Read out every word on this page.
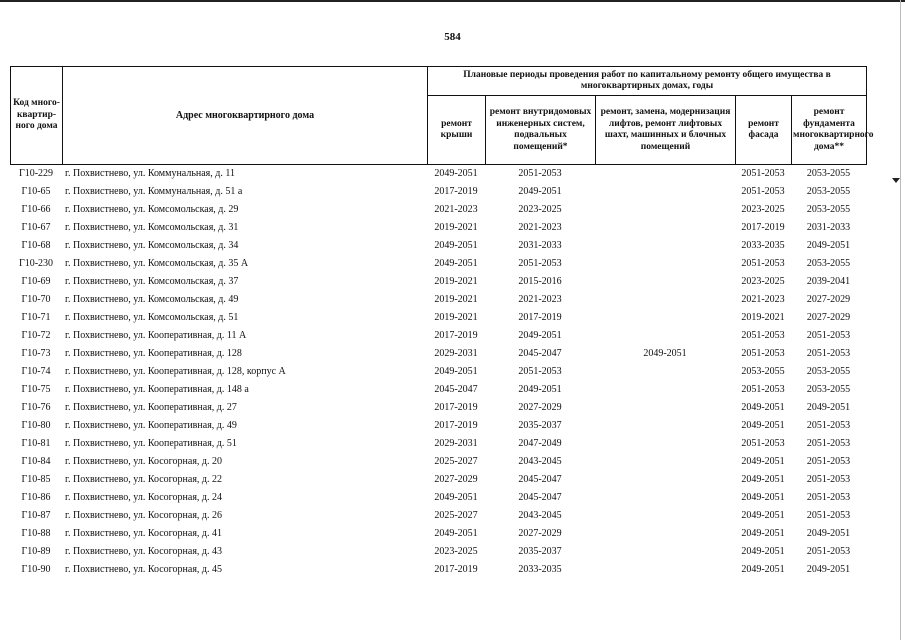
584
Код много-квартир-ного дома	Адрес многоквартирного дома	Плановые периоды проведения работ по капитальному ремонту общего имущества в многоквартирных домах, годы				
		ремонт крыши	ремонт внутридомовых инженерных систем, подвальных помещений*	ремонт, замена, модернизация лифтов, ремонт лифтовых шахт, машинных и блочных помещений	ремонт фасада	ремонт фундамента многоквартирного дома**
Г10-229	г. Похвистнево, ул. Коммунальная, д. 11	2049-2051	2051-2053		2051-2053	2053-2055
Г10-65	г. Похвистнево, ул. Коммунальная, д. 51 а	2017-2019	2049-2051		2051-2053	2053-2055
Г10-66	г. Похвистнево, ул. Комсомольская, д. 29	2021-2023	2023-2025		2023-2025	2053-2055
Г10-67	г. Похвистнево, ул. Комсомольская, д. 31	2019-2021	2021-2023		2017-2019	2031-2033
Г10-68	г. Похвистнево, ул. Комсомольская, д. 34	2049-2051	2031-2033		2033-2035	2049-2051
Г10-230	г. Похвистнево, ул. Комсомольская, д. 35 А	2049-2051	2051-2053		2051-2053	2053-2055
Г10-69	г. Похвистнево, ул. Комсомольская, д. 37	2019-2021	2015-2016		2023-2025	2039-2041
Г10-70	г. Похвистнево, ул. Комсомольская, д. 49	2019-2021	2021-2023		2021-2023	2027-2029
Г10-71	г. Похвистнево, ул. Комсомольская, д. 51	2019-2021	2017-2019		2019-2021	2027-2029
Г10-72	г. Похвистнево, ул. Кооперативная, д. 11 А	2017-2019	2049-2051		2051-2053	2051-2053
Г10-73	г. Похвистнево, ул. Кооперативная, д. 128	2029-2031	2045-2047	2049-2051	2051-2053	2051-2053
Г10-74	г. Похвистнево, ул. Кооперативная, д. 128, корпус А	2049-2051	2051-2053		2053-2055	2053-2055
Г10-75	г. Похвистнево, ул. Кооперативная, д. 148 а	2045-2047	2049-2051		2051-2053	2053-2055
Г10-76	г. Похвистнево, ул. Кооперативная, д. 27	2017-2019	2027-2029		2049-2051	2049-2051
Г10-80	г. Похвистнево, ул. Кооперативная, д. 49	2017-2019	2035-2037		2049-2051	2051-2053
Г10-81	г. Похвистнево, ул. Кооперативная, д. 51	2029-2031	2047-2049		2051-2053	2051-2053
Г10-84	г. Похвистнево, ул. Косогорная, д. 20	2025-2027	2043-2045		2049-2051	2051-2053
Г10-85	г. Похвистнево, ул. Косогорная, д. 22	2027-2029	2045-2047		2049-2051	2051-2053
Г10-86	г. Похвистнево, ул. Косогорная, д. 24	2049-2051	2045-2047		2049-2051	2051-2053
Г10-87	г. Похвистнево, ул. Косогорная, д. 26	2025-2027	2043-2045		2049-2051	2051-2053
Г10-88	г. Похвистнево, ул. Косогорная, д. 41	2049-2051	2027-2029		2049-2051	2049-2051
Г10-89	г. Похвистнево, ул. Косогорная, д. 43	2023-2025	2035-2037		2049-2051	2051-2053
Г10-90	г. Похвистнево, ул. Косогорная, д. 45	2017-2019	2033-2035		2049-2051	2049-2051
